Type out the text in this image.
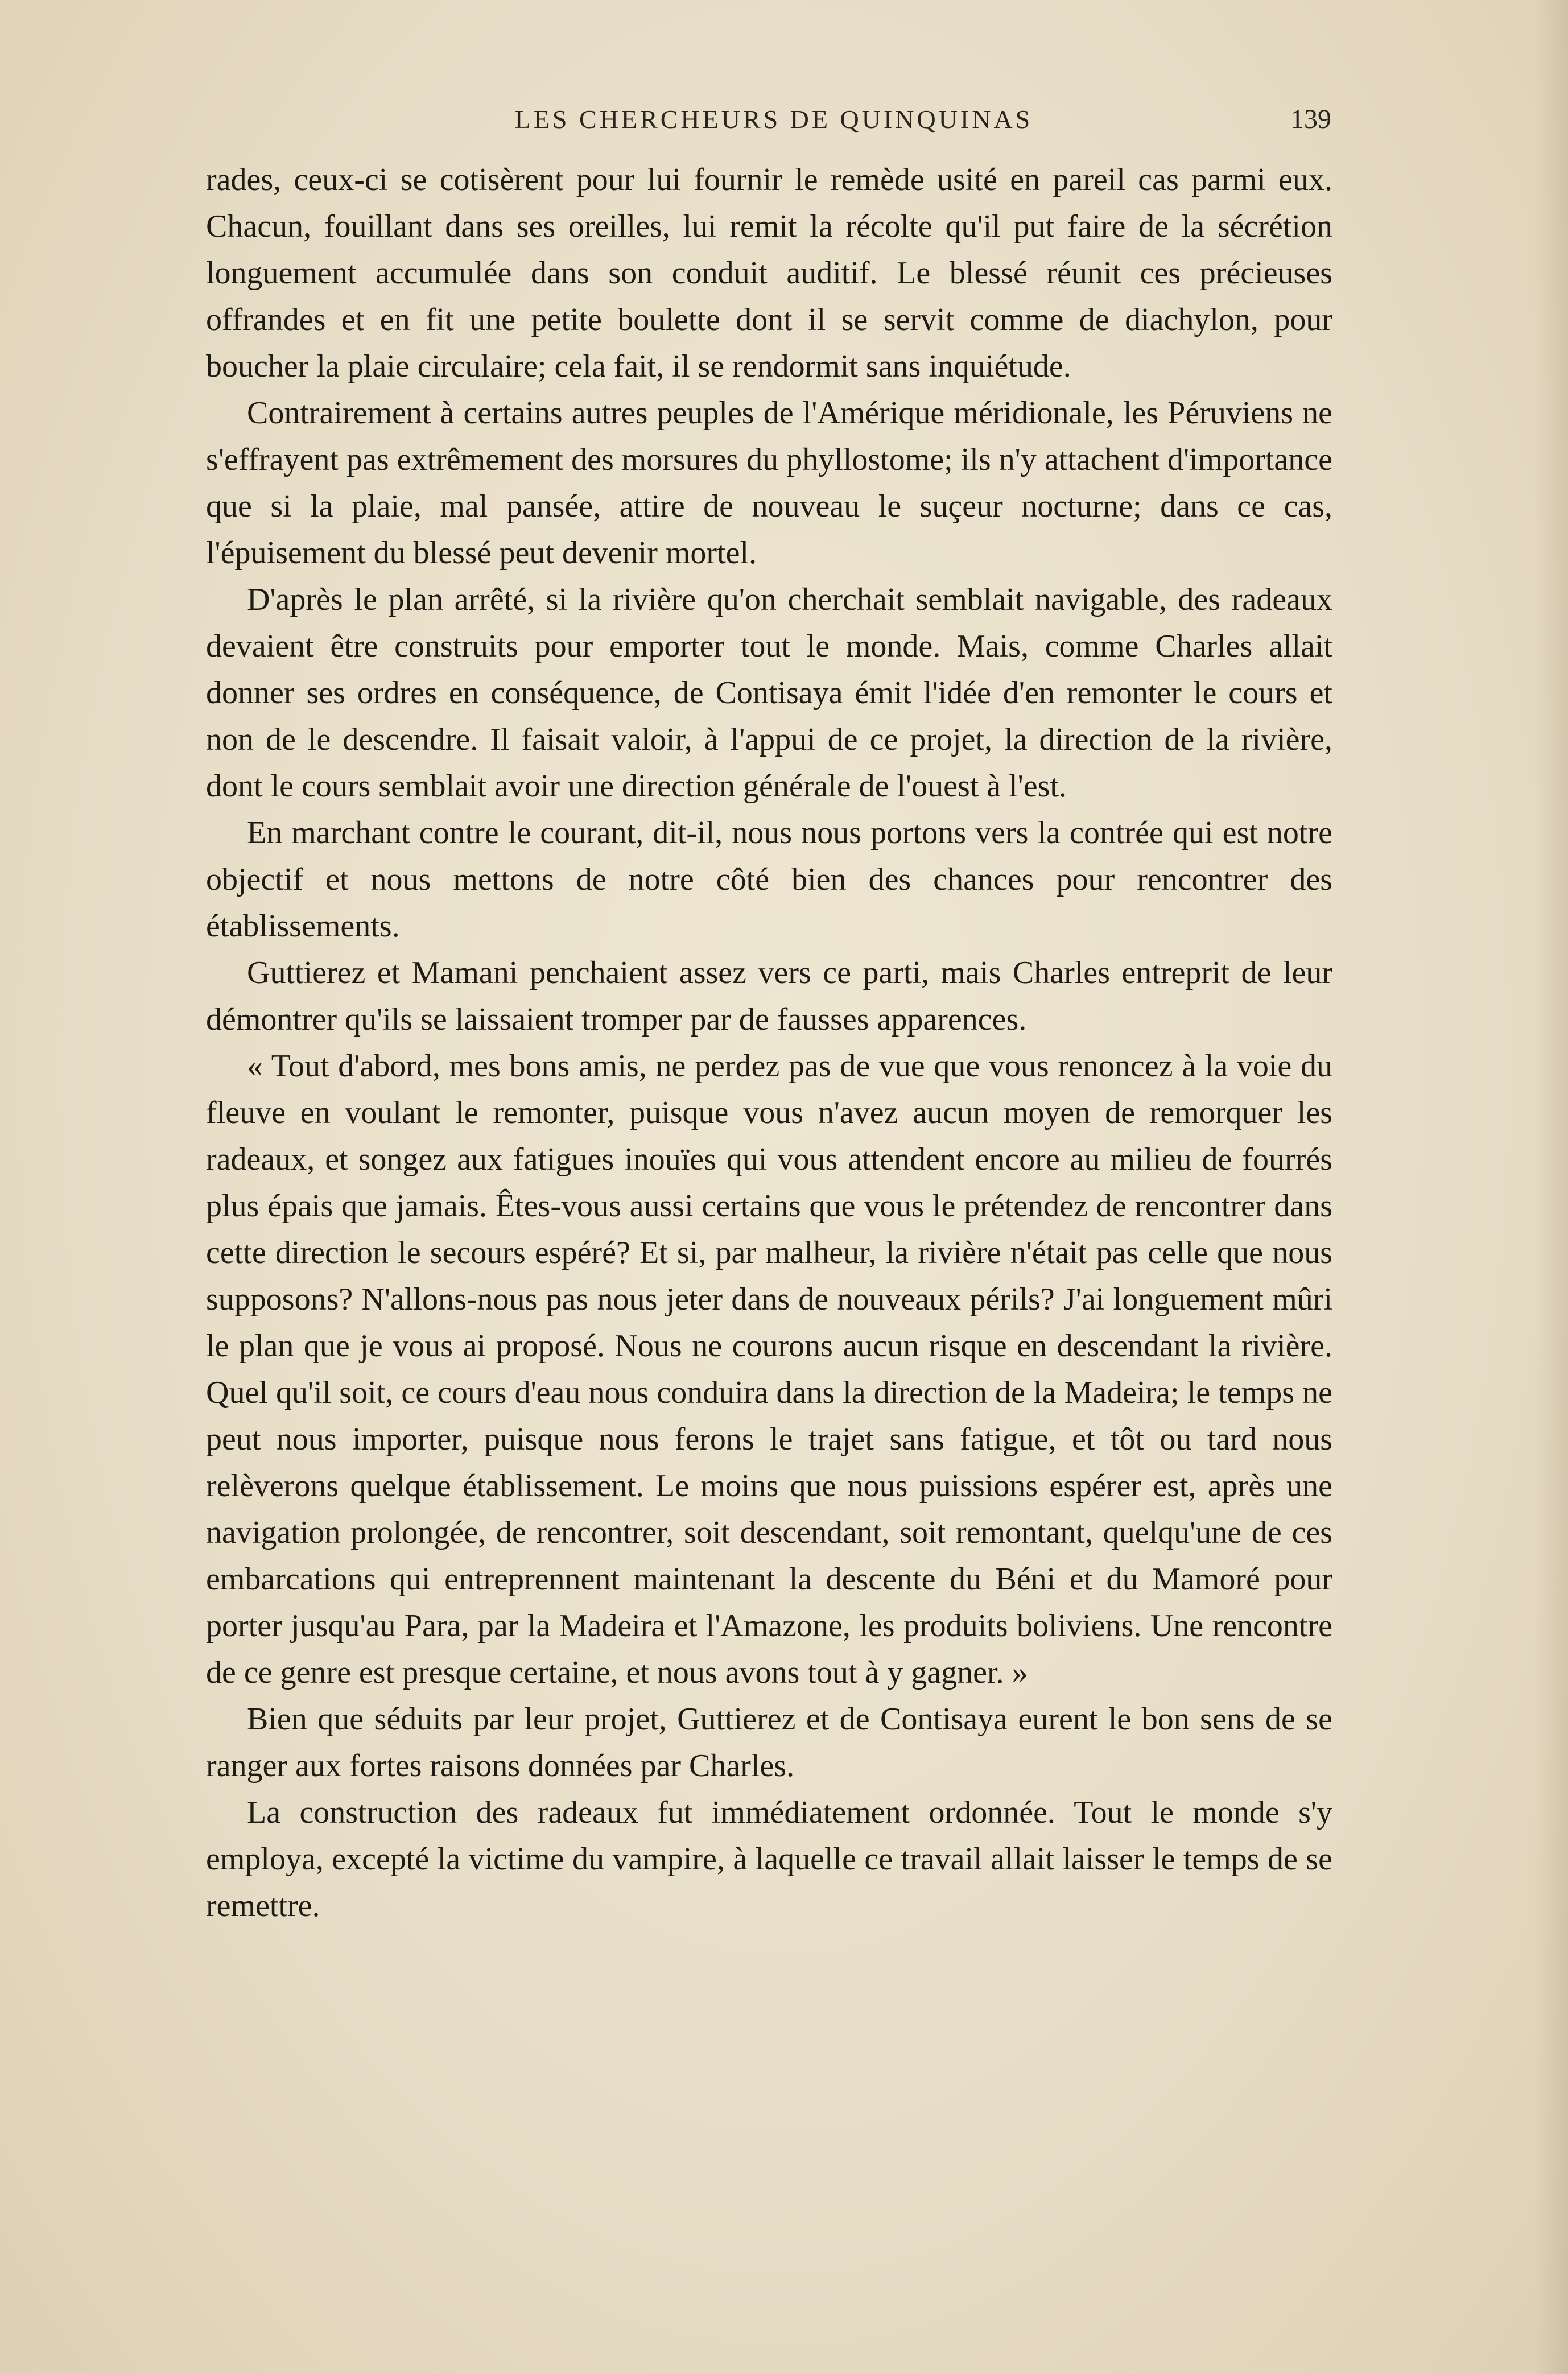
LES CHERCHEURS DE QUINQUINAS	139

rades, ceux-ci se cotisèrent pour lui fournir le remède usité en pareil cas parmi eux. Chacun, fouillant dans ses oreilles, lui remit la récolte qu'il put faire de la sécrétion longuement accumulée dans son conduit auditif. Le blessé réunit ces précieuses offrandes et en fit une petite boulette dont il se servit comme de diachylon, pour boucher la plaie circulaire; cela fait, il se rendormit sans inquiétude.

Contrairement à certains autres peuples de l'Amérique méridionale, les Péruviens ne s'effrayent pas extrêmement des morsures du phyllostome; ils n'y attachent d'importance que si la plaie, mal pansée, attire de nouveau le suçeur nocturne; dans ce cas, l'épuisement du blessé peut devenir mortel.

D'après le plan arrêté, si la rivière qu'on cherchait semblait navigable, des radeaux devaient être construits pour emporter tout le monde. Mais, comme Charles allait donner ses ordres en conséquence, de Contisaya émit l'idée d'en remonter le cours et non de le descendre. Il faisait valoir, à l'appui de ce projet, la direction de la rivière, dont le cours semblait avoir une direction générale de l'ouest à l'est.

En marchant contre le courant, dit-il, nous nous portons vers la contrée qui est notre objectif et nous mettons de notre côté bien des chances pour rencontrer des établissements.

Guttierez et Mamani penchaient assez vers ce parti, mais Charles entreprit de leur démontrer qu'ils se laissaient tromper par de fausses apparences.

« Tout d'abord, mes bons amis, ne perdez pas de vue que vous renoncez à la voie du fleuve en voulant le remonter, puisque vous n'avez aucun moyen de remorquer les radeaux, et songez aux fatigues inouïes qui vous attendent encore au milieu de fourrés plus épais que jamais. Êtes-vous aussi certains que vous le prétendez de rencontrer dans cette direction le secours espéré? Et si, par malheur, la rivière n'était pas celle que nous supposons? N'allons-nous pas nous jeter dans de nouveaux périls? J'ai longuement mûri le plan que je vous ai proposé. Nous ne courons aucun risque en descendant la rivière. Quel qu'il soit, ce cours d'eau nous conduira dans la direction de la Madeira; le temps ne peut nous importer, puisque nous ferons le trajet sans fatigue, et tôt ou tard nous relèverons quelque établissement. Le moins que nous puissions espérer est, après une navigation prolongée, de rencontrer, soit descendant, soit remontant, quelqu'une de ces embarcations qui entreprennent maintenant la descente du Béni et du Mamoré pour porter jusqu'au Para, par la Madeira et l'Amazone, les produits boliviens. Une rencontre de ce genre est presque certaine, et nous avons tout à y gagner. »

Bien que séduits par leur projet, Guttierez et de Contisaya eurent le bon sens de se ranger aux fortes raisons données par Charles.

La construction des radeaux fut immédiatement ordonnée. Tout le monde s'y employa, excepté la victime du vampire, à laquelle ce travail allait laisser le temps de se remettre.
